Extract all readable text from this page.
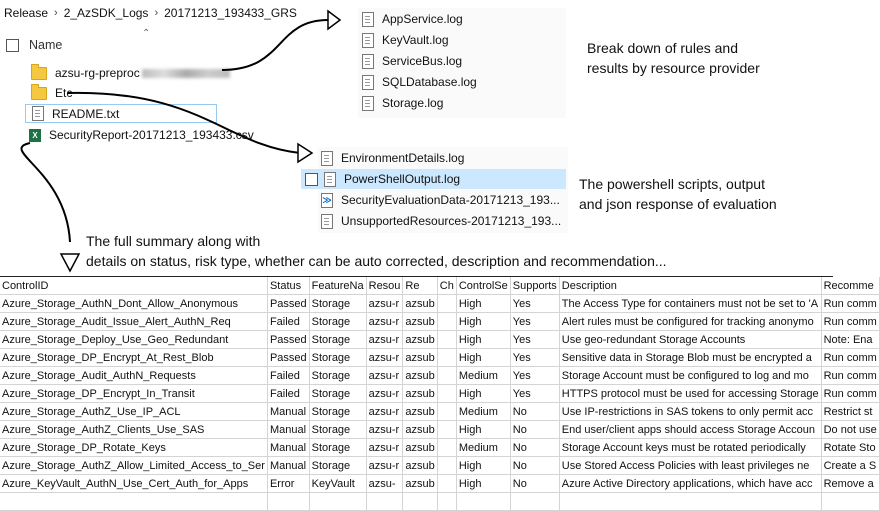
Release › 2_AzSDK_Logs › 20171213_193433_GRS
⌃
Name
azsu-rg-preproc
Etc
README.txt
X SecurityReport-20171213_193433.csv
AppService.log
KeyVault.log
ServiceBus.log
SQLDatabase.log
Storage.log
EnvironmentDetails.log
PowerShellOutput.log
≫ SecurityEvaluationData-20171213_193...
UnsupportedResources-20171213_193...
Break down of rules and
results by resource provider
The powershell scripts, output
and json response of evaluation
The full summary along with
details on status, risk type, whether can be auto corrected, description and recommendation...
ControlID	Status	FeatureNa	Resou	Re	Ch	ControlSe	Supports	Description	Recomme
Azure_Storage_AuthN_Dont_Allow_Anonymous	Passed	Storage	azsu-r	azsub		High	Yes	The Access Type for containers must not be set to 'A	Run comm
Azure_Storage_Audit_Issue_Alert_AuthN_Req	Failed	Storage	azsu-r	azsub		High	Yes	Alert rules must be configured for tracking anonymo	Run comm
Azure_Storage_Deploy_Use_Geo_Redundant	Passed	Storage	azsu-r	azsub		High	Yes	Use geo-redundant Storage Accounts	Note: Ena
Azure_Storage_DP_Encrypt_At_Rest_Blob	Passed	Storage	azsu-r	azsub		High	Yes	Sensitive data in Storage Blob must be encrypted a	Run comm
Azure_Storage_Audit_AuthN_Requests	Failed	Storage	azsu-r	azsub		Medium	Yes	Storage Account must be configured to log and mo	Run comm
Azure_Storage_DP_Encrypt_In_Transit	Failed	Storage	azsu-r	azsub		High	Yes	HTTPS protocol must be used for accessing Storage	Run comm
Azure_Storage_AuthZ_Use_IP_ACL	Manual	Storage	azsu-r	azsub		Medium	No	Use IP-restrictions in SAS tokens to only permit acc	Restrict st
Azure_Storage_AuthZ_Clients_Use_SAS	Manual	Storage	azsu-r	azsub		High	No	End user/client apps should access Storage Accoun	Do not use
Azure_Storage_DP_Rotate_Keys	Manual	Storage	azsu-r	azsub		Medium	No	Storage Account keys must be rotated periodically	Rotate Sto
Azure_Storage_AuthZ_Allow_Limited_Access_to_Ser	Manual	Storage	azsu-r	azsub		High	No	Use Stored Access Policies with least privileges ne	Create a S
Azure_KeyVault_AuthN_Use_Cert_Auth_for_Apps	Error	KeyVault	azsu-	azsub		High	No	Azure Active Directory applications, which have acc	Remove a
